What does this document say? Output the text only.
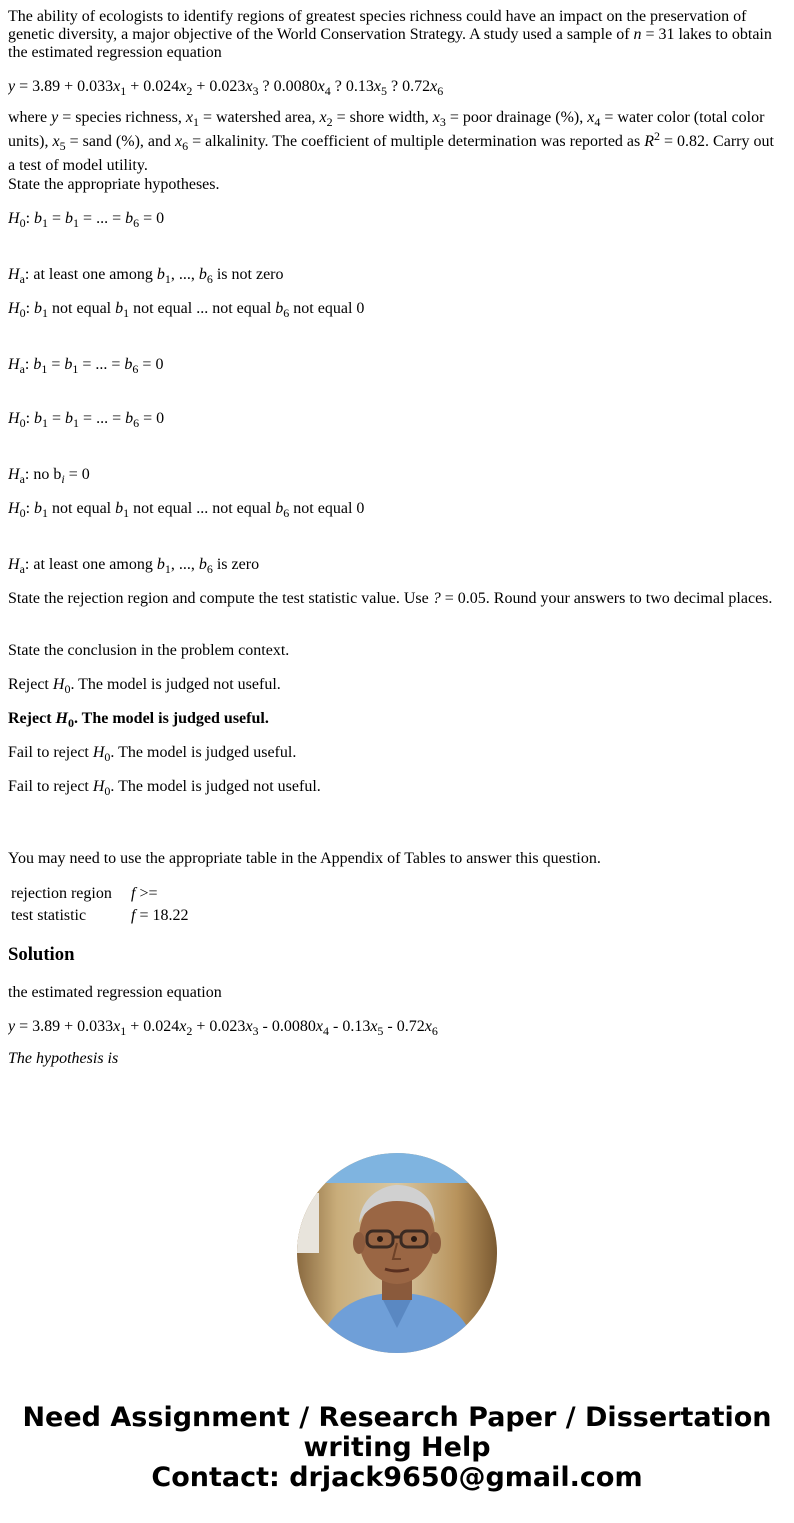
The ability of ecologists to identify regions of greatest species richness could have an impact on the preservation of genetic diversity, a major objective of the World Conservation Strategy. A study used a sample of n = 31 lakes to obtain the estimated regression equation

$y = 3.89 + 0.033x_1 + 0.024x_2 + 0.023x_3$ ? $0.0080x_4$ ? $0.13x_5$ ? $0.72x_6$

where y = species richness, $x_1$ = watershed area, $x_2$ = shore width, $x_3$ = poor drainage (%), $x_4$ = water color (total color units), $x_5$ = sand (%), and $x_6$ = alkalinity. The coefficient of multiple determination was reported as $R^2 = 0.82$. Carry out a test of model utility.

State the appropriate hypotheses.

$H_0$: $b_1 = b_1$ = ... = $b_6 = 0$

$H_a$: at least one among $b_1$, ..., $b_6$ is not zero

$H_0$: $b_1$ not equal $b_1$ not equal ... not equal $b_6$ not equal 0

$H_a$: $b_1 = b_1$ = ... = $b_6 = 0$

$H_0$: $b_1 = b_1$ = ... = $b_6 = 0$

$H_a$: no $b_i = 0$

$H_0$: $b_1$ not equal $b_1$ not equal ... not equal $b_6$ not equal 0

$H_a$: at least one among $b_1$, ..., $b_6$ is zero

State the rejection region and compute the test statistic value. Use ? = 0.05. Round your answers to two decimal places.

State the conclusion in the problem context.

Reject $H_0$. The model is judged not useful.

Reject $H_0$. The model is judged useful.

Fail to reject $H_0$. The model is judged useful.

Fail to reject $H_0$. The model is judged not useful.

You may need to use the appropriate table in the Appendix of Tables to answer this question.

rejection region	f >=
test statistic	f = 18.22
Solution

the estimated regression equation

$y = 3.89 + 0.033x_1 + 0.024x_2 + 0.023x_3 - 0.0080x_4 - 0.13x_5 - 0.72x_6$

The hypothesis is

Need Assignment / Research Paper / Dissertation
writing Help
Contact: drjack9650@gmail.com
